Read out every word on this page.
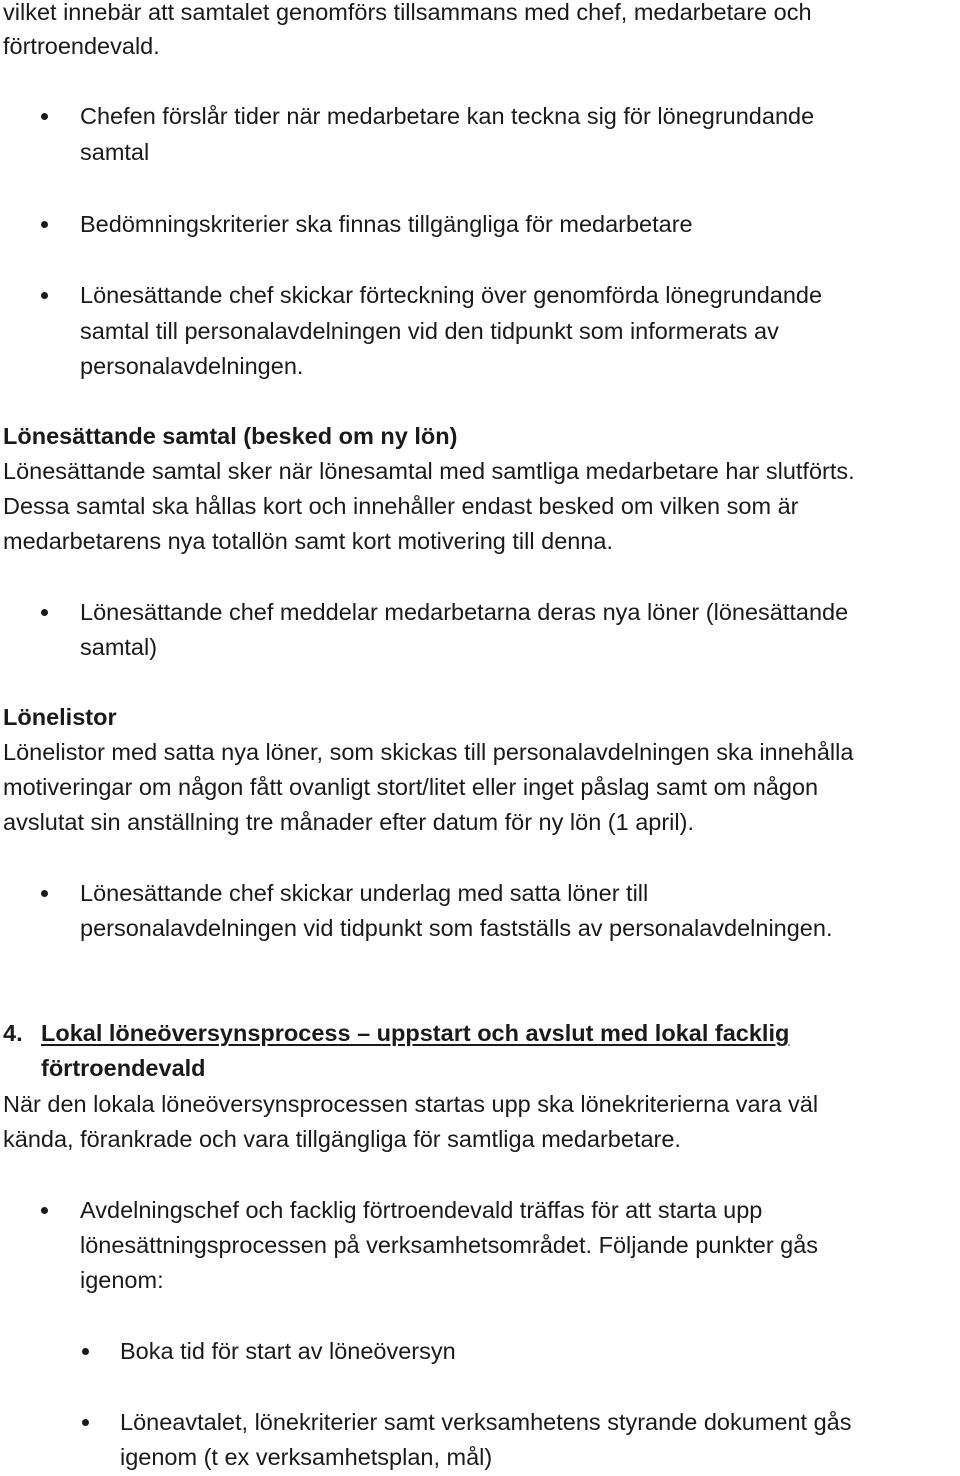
vilket innebär att samtalet genomförs tillsammans med chef, medarbetare och
förtroendevald.
Chefen förslår tider när medarbetare kan teckna sig för lönegrundande
samtal
Bedömningskriterier ska finnas tillgängliga för medarbetare
Lönesättande chef skickar förteckning över genomförda lönegrundande
samtal till personalavdelningen vid den tidpunkt som informerats av
personalavdelningen.
Lönesättande samtal (besked om ny lön)
Lönesättande samtal sker när lönesamtal med samtliga medarbetare har slutförts.
Dessa samtal ska hållas kort och innehåller endast besked om vilken som är
medarbetarens nya totallön samt kort motivering till denna.
Lönesättande chef meddelar medarbetarna deras nya löner (lönesättande
samtal)
Lönelistor
Lönelistor med satta nya löner, som skickas till personalavdelningen ska innehålla
motiveringar om någon fått ovanligt stort/litet eller inget påslag samt om någon
avslutat sin anställning tre månader efter datum för ny lön (1 april).
Lönesättande chef skickar underlag med satta löner till
personalavdelningen vid tidpunkt som fastställs av personalavdelningen.
4. Lokal löneöversynsprocess – uppstart och avslut med lokal facklig
förtroendevald
När den lokala löneöversynsprocessen startas upp ska lönekriterierna vara väl
kända, förankrade och vara tillgängliga för samtliga medarbetare.
Avdelningschef och facklig förtroendevald träffas för att starta upp
lönesättningsprocessen på verksamhetsområdet. Följande punkter gås
igenom:
Boka tid för start av löneöversyn
Löneavtalet, lönekriterier samt verksamhetens styrande dokument gås
igenom (t ex verksamhetsplan, mål)
